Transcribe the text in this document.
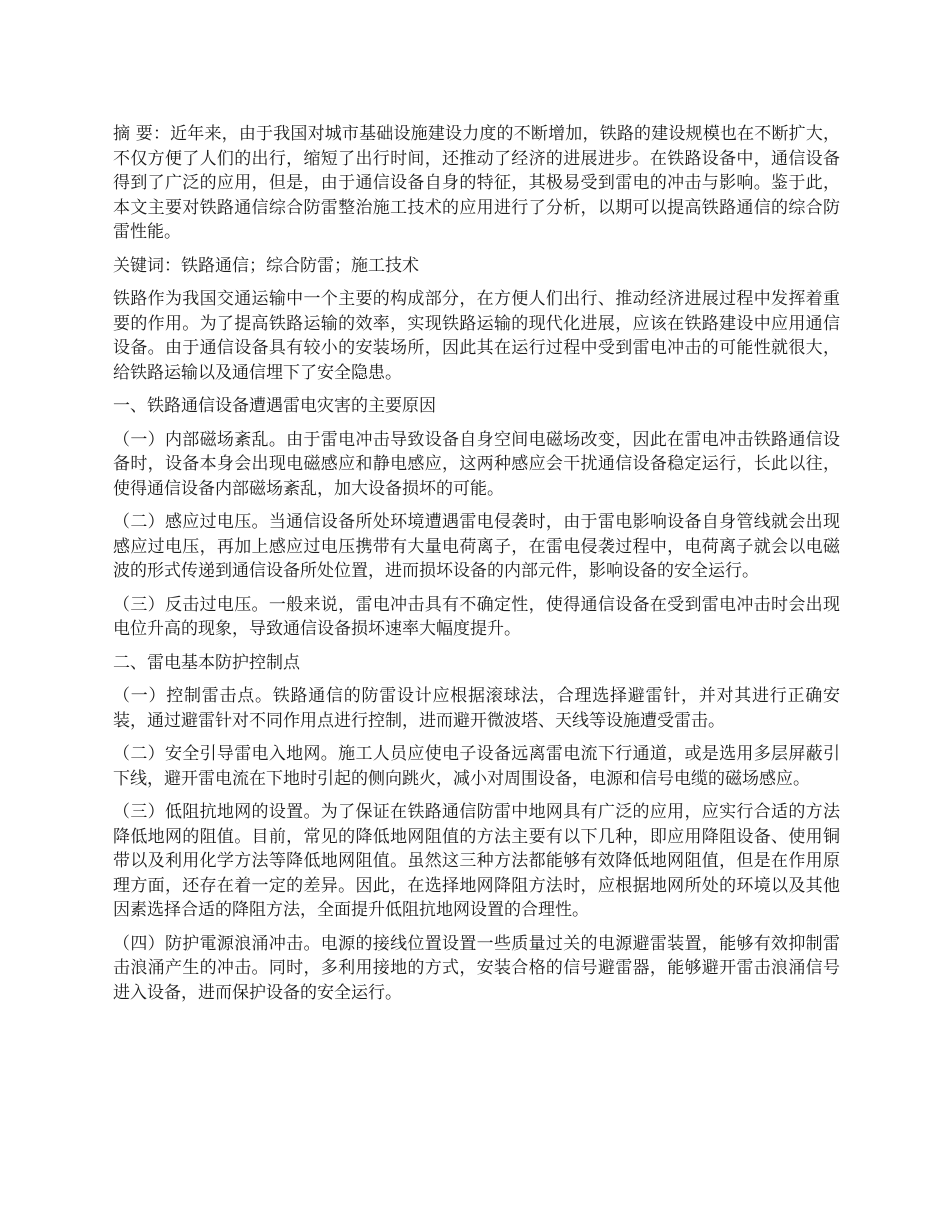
摘 要：近年来，由于我国对城市基础设施建设力度的不断增加，铁路的建设规模也在不断扩大，不仅方便了人们的出行，缩短了出行时间，还推动了经济的进展进步。在铁路设备中，通信设备得到了广泛的应用，但是，由于通信设备自身的特征，其极易受到雷电的冲击与影响。鉴于此，本文主要对铁路通信综合防雷整治施工技术的应用进行了分析，以期可以提高铁路通信的综合防雷性能。

关键词：铁路通信；综合防雷；施工技术

铁路作为我国交通运输中一个主要的构成部分，在方便人们出行、推动经济进展过程中发挥着重要的作用。为了提高铁路运输的效率，实现铁路运输的现代化进展，应该在铁路建设中应用通信设备。由于通信设备具有较小的安装场所，因此其在运行过程中受到雷电冲击的可能性就很大，给铁路运输以及通信埋下了安全隐患。

一、铁路通信设备遭遇雷电灾害的主要原因

（一）内部磁场紊乱。由于雷电冲击导致设备自身空间电磁场改变，因此在雷电冲击铁路通信设备时，设备本身会出现电磁感应和静电感应，这两种感应会干扰通信设备稳定运行，长此以往，使得通信设备内部磁场紊乱，加大设备损坏的可能。

（二）感应过电压。当通信设备所处环境遭遇雷电侵袭时，由于雷电影响设备自身管线就会出现感应过电压，再加上感应过电压携带有大量电荷离子，在雷电侵袭过程中，电荷离子就会以电磁波的形式传递到通信设备所处位置，进而损坏设备的内部元件，影响设备的安全运行。

（三）反击过电压。一般来说，雷电冲击具有不确定性，使得通信设备在受到雷电冲击时会出现电位升高的现象，导致通信设备损坏速率大幅度提升。

二、雷电基本防护控制点

（一）控制雷击点。铁路通信的防雷设计应根据滚球法，合理选择避雷针，并对其进行正确安装，通过避雷针对不同作用点进行控制，进而避开微波塔、天线等设施遭受雷击。

（二）安全引导雷电入地网。施工人员应使电子设备远离雷电流下行通道，或是选用多层屏蔽引下线，避开雷电流在下地时引起的侧向跳火，减小对周围设备，电源和信号电缆的磁场感应。

（三）低阻抗地网的设置。为了保证在铁路通信防雷中地网具有广泛的应用，应实行合适的方法降低地网的阻值。目前，常见的降低地网阻值的方法主要有以下几种，即应用降阻设备、使用铜带以及利用化学方法等降低地网阻值。虽然这三种方法都能够有效降低地网阻值，但是在作用原理方面，还存在着一定的差异。因此，在选择地网降阻方法时，应根据地网所处的环境以及其他因素选择合适的降阻方法，全面提升低阻抗地网设置的合理性。

（四）防护電源浪涌冲击。电源的接线位置设置一些质量过关的电源避雷装置，能够有效抑制雷击浪涌产生的冲击。同时，多利用接地的方式，安装合格的信号避雷器，能够避开雷击浪涌信号进入设备，进而保护设备的安全运行。
